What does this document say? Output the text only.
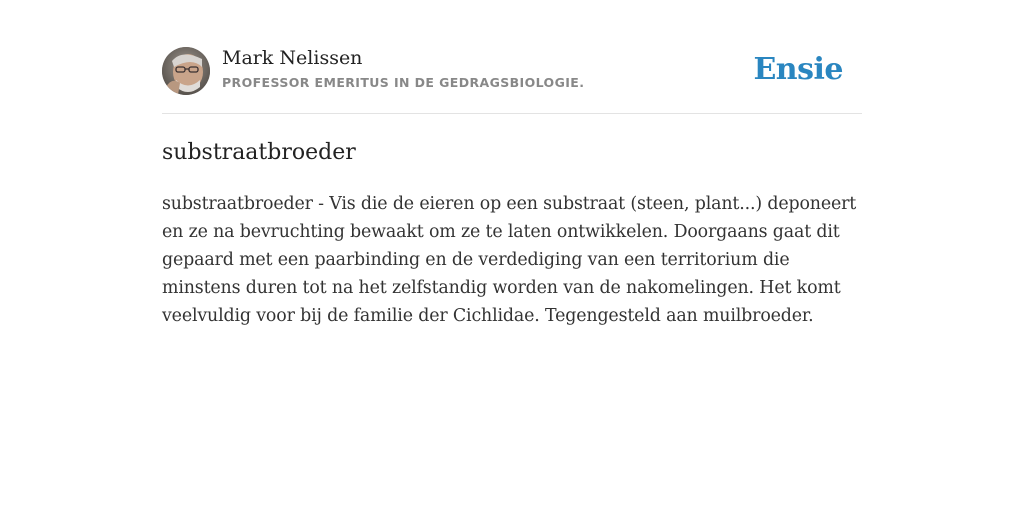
Mark Nelissen
PROFESSOR EMERITUS IN DE GEDRAGSBIOLOGIE.	Ensie
substraatbroeder

substraatbroeder - Vis die de eieren op een substraat (steen, plant...) deponeert en ze na bevruchting bewaakt om ze te laten ontwikkelen. Doorgaans gaat dit gepaard met een paarbinding en de verdediging van een territorium die minstens duren tot na het zelfstandig worden van de nakomelingen. Het komt veelvuldig voor bij de familie der Cichlidae. Tegengesteld aan muilbroeder.
